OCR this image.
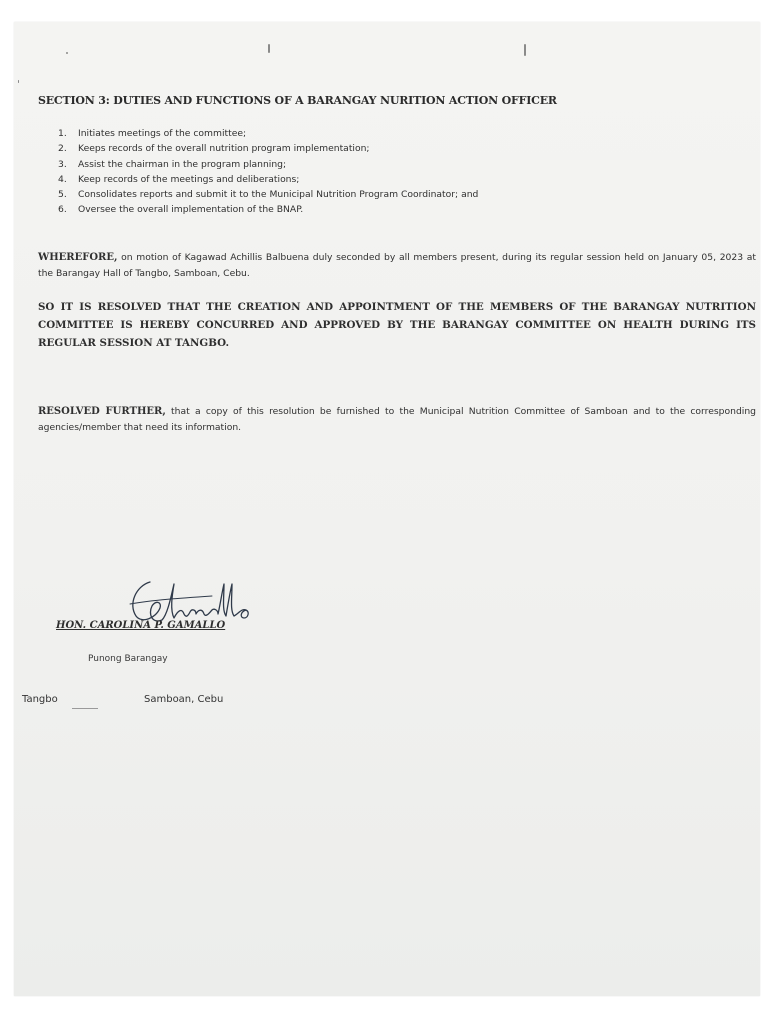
SECTION 3: DUTIES AND FUNCTIONS OF A BARANGAY NURITION ACTION OFFICER
1. Initiates meetings of the committee;
2. Keeps records of the overall nutrition program implementation;
3. Assist the chairman in the program planning;
4. Keep records of the meetings and deliberations;
5. Consolidates reports and submit it to the Municipal Nutrition Program Coordinator; and
6. Oversee the overall implementation of the BNAP.

WHEREFORE, on motion of Kagawad Achillis Balbuena duly seconded by all members present, during its regular session held on January 05, 2023 at the Barangay Hall of Tangbo, Samboan, Cebu.

SO IT IS RESOLVED THAT THE CREATION AND APPOINTMENT OF THE MEMBERS OF THE BARANGAY NUTRITION COMMITTEE IS HEREBY CONCURRED AND APPROVED BY THE BARANGAY COMMITTEE ON HEALTH DURING ITS REGULAR SESSION AT TANGBO.

RESOLVED FURTHER, that a copy of this resolution be furnished to the Municipal Nutrition Committee of Samboan and to the corresponding agencies/member that need its information.

HON. CAROLINA P. GAMALLO
Punong Barangay
Tangbo	Samboan, Cebu
